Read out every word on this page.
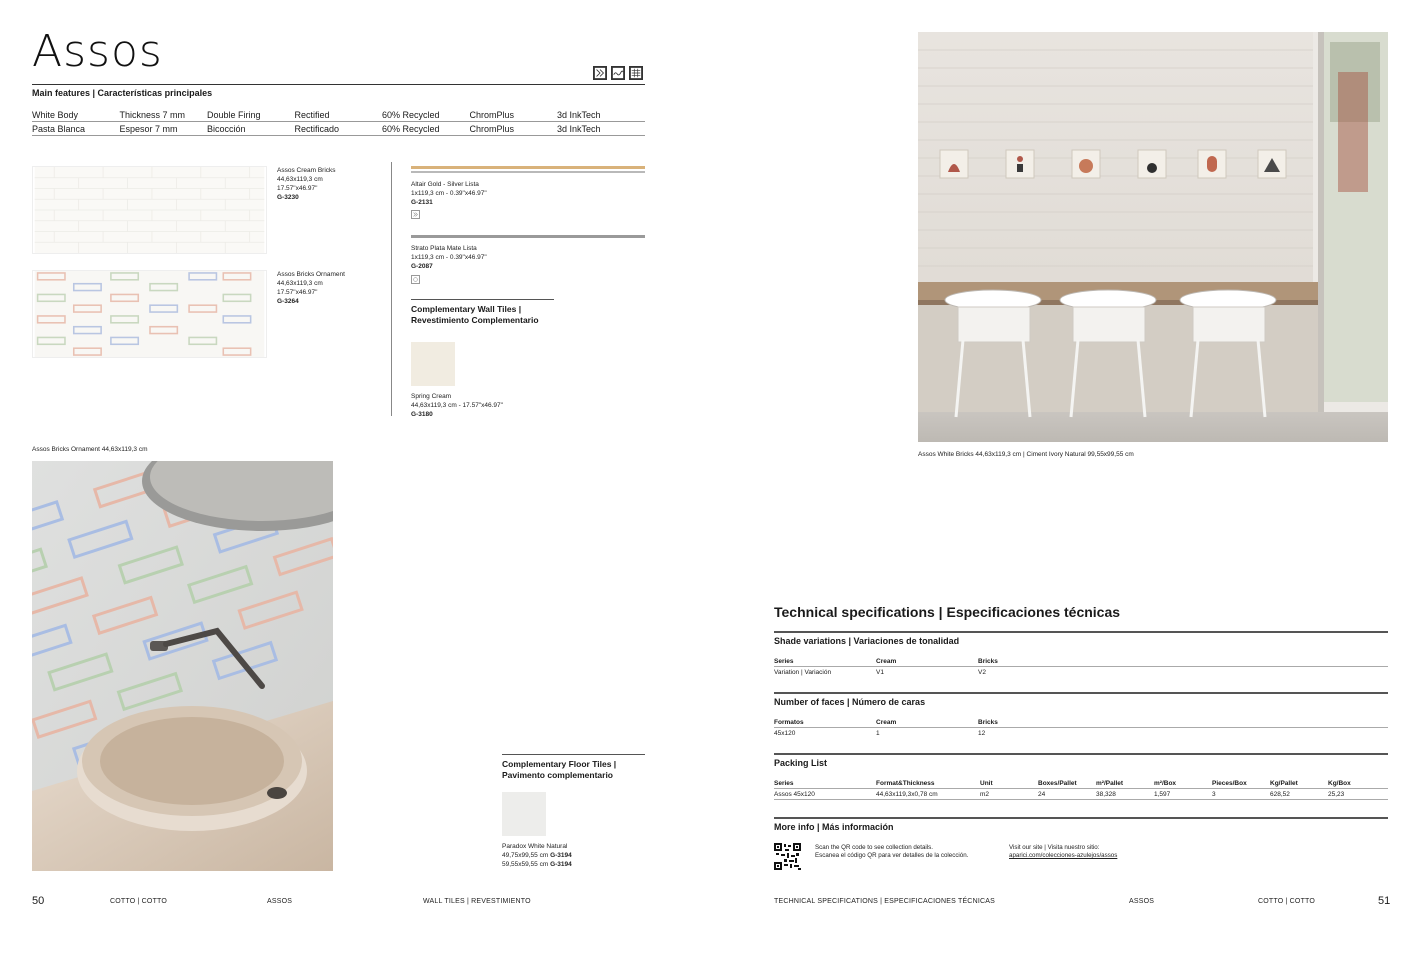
Assos
Main features | Características principales
White Body	Thickness 7 mm	Double Firing	Rectified	60% Recycled	ChromPlus	3d InkTech
Pasta Blanca	Espesor 7 mm	Bicocción	Rectificado	60% Recycled	ChromPlus	3d InkTech
Assos Cream Bricks
44,63x119,3 cm
17.57"x46.97"
G-3230
Assos Bricks Ornament
44,63x119,3 cm
17.57"x46.97"
G-3264
Altair Gold - Silver Lista
1x119,3 cm - 0.39"x46.97"
G-2131
Strato Plata Mate Lista
1x119,3 cm - 0.39"x46.97"
G-2087
Complementary Wall Tiles |
Revestimiento Complementario
Spring Cream
44,63x119,3 cm - 17.57"x46.97"
G-3180
Assos Bricks Ornament 44,63x119,3 cm
Complementary Floor Tiles |
Pavimento complementario
Paradox White Natural
49,75x99,55 cm G-3194
59,55x59,55 cm G-3194
50	COTTO | COTTO	ASSOS	WALL TILES | REVESTIMIENTO
Assos White Bricks 44,63x119,3 cm | Ciment Ivory Natural 99,55x99,55 cm
Technical specifications | Especificaciones técnicas
Shade variations | Variaciones de tonalidad
Series	Cream	Bricks
Variation | Variación	V1	V2
Number of faces | Número de caras
Formatos	Cream	Bricks
45x120	1	12
Packing List
Series	Format&Thickness	Unit	Boxes/Pallet	m²/Pallet	m²/Box	Pieces/Box	Kg/Pallet	Kg/Box
Assos 45x120	44,63x119,3x0,78 cm	m2	24	38,328	1,597	3	628,52	25,23
More info | Más información
Scan the QR code to see collection details.
Escanea el código QR para ver detalles de la colección.
Visit our site | Visita nuestro sitio:
aparici.com/colecciones-azulejos/assos
TECHNICAL SPECIFICATIONS | ESPECIFICACIONES TÉCNICAS	ASSOS	COTTO | COTTO	51
